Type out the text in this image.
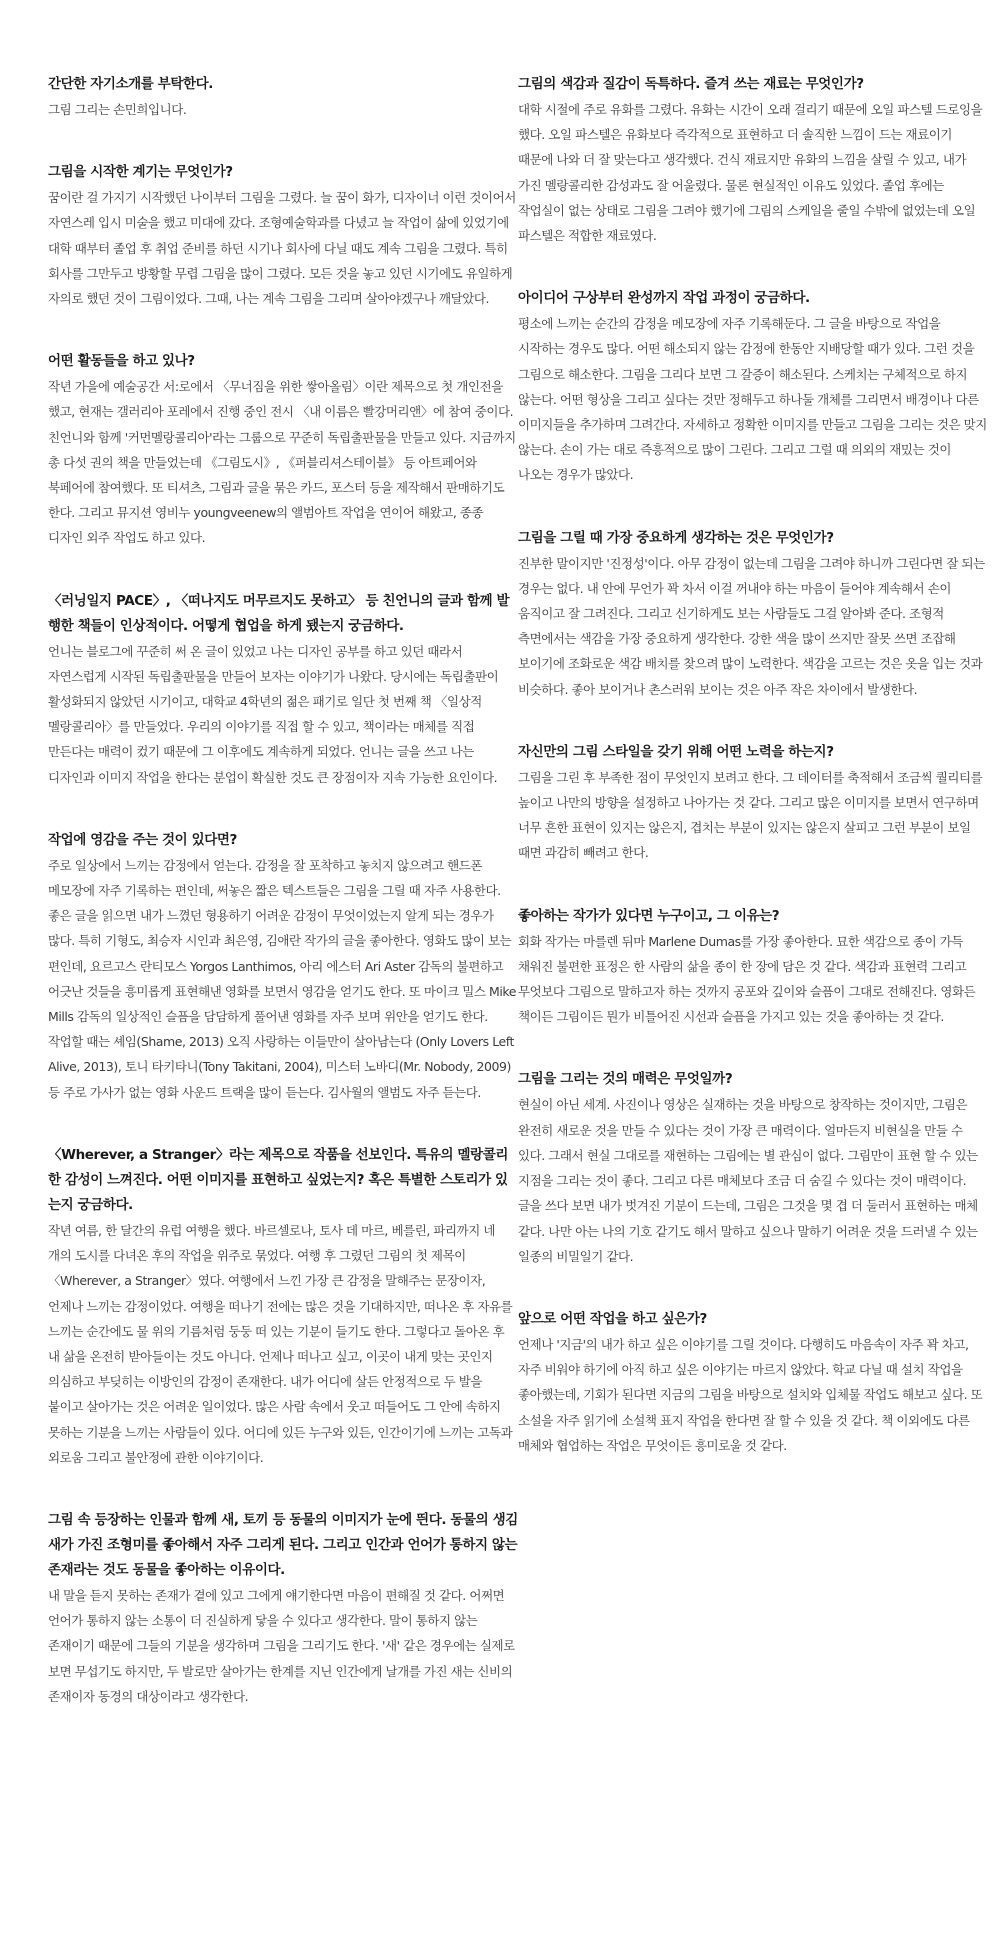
간단한 자기소개를 부탁한다.

그림 그리는 손민희입니다.

그림을 시작한 계기는 무엇인가?

꿈이란 걸 가지기 시작했던 나이부터 그림을 그렸다. 늘 꿈이 화가, 디자이너 이런 것이어서 자연스레 입시 미술을 했고 미대에 갔다. 조형예술학과를 다녔고 늘 작업이 삶에 있었기에 대학 때부터 졸업 후 취업 준비를 하던 시기나 회사에 다닐 때도 계속 그림을 그렸다. 특히 회사를 그만두고 방황할 무렵 그림을 많이 그렸다. 모든 것을 놓고 있던 시기에도 유일하게 자의로 했던 것이 그림이었다. 그때, 나는 계속 그림을 그리며 살아야겠구나 깨달았다.

어떤 활동들을 하고 있나?

작년 가을에 예술공간 서:로에서 〈무너짐을 위한 쌓아올림〉이란 제목으로 첫 개인전을 했고, 현재는 갤러리아 포레에서 진행 중인 전시 〈내 이름은 빨강머리앤〉에 참여 중이다. 친언니와 함께 '커먼멜랑콜리아'라는 그룹으로 꾸준히 독립출판물을 만들고 있다. 지금까지 총 다섯 권의 책을 만들었는데 《그림도시》, 《퍼블리셔스테이블》 등 아트페어와 북페어에 참여했다. 또 티셔츠, 그림과 글을 묶은 카드, 포스터 등을 제작해서 판매하기도 한다. 그리고 뮤지션 영비누 youngveenew의 앨범아트 작업을 연이어 해왔고, 종종 디자인 외주 작업도 하고 있다.

〈러닝일지 PACE〉, 〈떠나지도 머무르지도 못하고〉 등 친언니의 글과 함께 발행한 책들이 인상적이다. 어떻게 협업을 하게 됐는지 궁금하다.

언니는 블로그에 꾸준히 써 온 글이 있었고 나는 디자인 공부를 하고 있던 때라서 자연스럽게 시작된 독립출판물을 만들어 보자는 이야기가 나왔다. 당시에는 독립출판이 활성화되지 않았던 시기이고, 대학교 4학년의 젊은 패기로 일단 첫 번째 책 〈일상적 멜랑콜리아〉를 만들었다. 우리의 이야기를 직접 할 수 있고, 책이라는 매체를 직접 만든다는 매력이 컸기 때문에 그 이후에도 계속하게 되었다. 언니는 글을 쓰고 나는 디자인과 이미지 작업을 한다는 분업이 확실한 것도 큰 장점이자 지속 가능한 요인이다.

작업에 영감을 주는 것이 있다면?

주로 일상에서 느끼는 감정에서 얻는다. 감정을 잘 포착하고 놓치지 않으려고 핸드폰 메모장에 자주 기록하는 편인데, 써놓은 짧은 텍스트들은 그림을 그릴 때 자주 사용한다. 좋은 글을 읽으면 내가 느꼈던 형용하기 어려운 감정이 무엇이었는지 알게 되는 경우가 많다. 특히 기형도, 최승자 시인과 최은영, 김애란 작가의 글을 좋아한다. 영화도 많이 보는 편인데, 요르고스 란티모스 Yorgos Lanthimos, 아리 에스터 Ari Aster 감독의 불편하고 어긋난 것들을 흥미롭게 표현해낸 영화를 보면서 영감을 얻기도 한다. 또 마이크 밀스 Mike Mills 감독의 일상적인 슬픔을 담담하게 풀어낸 영화를 자주 보며 위안을 얻기도 한다. 작업할 때는 셰임(Shame, 2013) 오직 사랑하는 이들만이 살아남는다 (Only Lovers Left Alive, 2013), 토니 타키타니(Tony Takitani, 2004), 미스터 노바디(Mr. Nobody, 2009) 등 주로 가사가 없는 영화 사운드 트랙을 많이 듣는다. 김사월의 앨범도 자주 듣는다.

〈Wherever, a Stranger〉라는 제목으로 작품을 선보인다. 특유의 멜랑콜리한 감성이 느껴진다. 어떤 이미지를 표현하고 싶었는지? 혹은 특별한 스토리가 있는지 궁금하다.

작년 여름, 한 달간의 유럽 여행을 했다. 바르셀로나, 토사 데 마르, 베를린, 파리까지 네 개의 도시를 다녀온 후의 작업을 위주로 묶었다. 여행 후 그렸던 그림의 첫 제목이 〈Wherever, a Stranger〉였다. 여행에서 느낀 가장 큰 감정을 말해주는 문장이자, 언제나 느끼는 감정이었다. 여행을 떠나기 전에는 많은 것을 기대하지만, 떠나온 후 자유를 느끼는 순간에도 물 위의 기름처럼 둥둥 떠 있는 기분이 들기도 한다. 그렇다고 돌아온 후 내 삶을 온전히 받아들이는 것도 아니다. 언제나 떠나고 싶고, 이곳이 내게 맞는 곳인지 의심하고 부딪히는 이방인의 감정이 존재한다. 내가 어디에 살든 안정적으로 두 발을 붙이고 살아가는 것은 어려운 일이었다. 많은 사람 속에서 웃고 떠들어도 그 안에 속하지 못하는 기분을 느끼는 사람들이 있다. 어디에 있든 누구와 있든, 인간이기에 느끼는 고독과 외로움 그리고 불안정에 관한 이야기이다.

그림 속 등장하는 인물과 함께 새, 토끼 등 동물의 이미지가 눈에 띈다. 동물의 생김새가 가진 조형미를 좋아해서 자주 그리게 된다. 그리고 인간과 언어가 통하지 않는 존재라는 것도 동물을 좋아하는 이유이다.

내 말을 듣지 못하는 존재가 곁에 있고 그에게 얘기한다면 마음이 편해질 것 같다. 어쩌면 언어가 통하지 않는 소통이 더 진실하게 닿을 수 있다고 생각한다. 말이 통하지 않는 존재이기 때문에 그들의 기분을 생각하며 그림을 그리기도 한다. '새' 같은 경우에는 실제로 보면 무섭기도 하지만, 두 발로만 살아가는 한계를 지닌 인간에게 날개를 가진 새는 신비의 존재이자 동경의 대상이라고 생각한다.

그림의 색감과 질감이 독특하다. 즐겨 쓰는 재료는 무엇인가?

대학 시절에 주로 유화를 그렸다. 유화는 시간이 오래 걸리기 때문에 오일 파스텔 드로잉을 했다. 오일 파스텔은 유화보다 즉각적으로 표현하고 더 솔직한 느낌이 드는 재료이기 때문에 나와 더 잘 맞는다고 생각했다. 건식 재료지만 유화의 느낌을 살릴 수 있고, 내가 가진 멜랑콜리한 감성과도 잘 어울렸다. 물론 현실적인 이유도 있었다. 졸업 후에는 작업실이 없는 상태로 그림을 그려야 했기에 그림의 스케일을 줄일 수밖에 없었는데 오일 파스텔은 적합한 재료였다.

아이디어 구상부터 완성까지 작업 과정이 궁금하다.

평소에 느끼는 순간의 감정을 메모장에 자주 기록해둔다. 그 글을 바탕으로 작업을 시작하는 경우도 많다. 어떤 해소되지 않는 감정에 한동안 지배당할 때가 있다. 그런 것을 그림으로 해소한다. 그림을 그리다 보면 그 갈증이 해소된다. 스케치는 구체적으로 하지 않는다. 어떤 형상을 그리고 싶다는 것만 정해두고 하나둘 개체를 그리면서 배경이나 다른 이미지들을 추가하며 그려간다. 자세하고 정확한 이미지를 만들고 그림을 그리는 것은 맞지 않는다. 손이 가는 대로 즉흥적으로 많이 그린다. 그리고 그럴 때 의외의 재밌는 것이 나오는 경우가 많았다.

그림을 그릴 때 가장 중요하게 생각하는 것은 무엇인가?

진부한 말이지만 '진정성'이다. 아무 감정이 없는데 그림을 그려야 하니까 그린다면 잘 되는 경우는 없다. 내 안에 무언가 꽉 차서 이걸 꺼내야 하는 마음이 들어야 계속해서 손이 움직이고 잘 그려진다. 그리고 신기하게도 보는 사람들도 그걸 알아봐 준다. 조형적 측면에서는 색감을 가장 중요하게 생각한다. 강한 색을 많이 쓰지만 잘못 쓰면 조잡해 보이기에 조화로운 색감 배치를 찾으려 많이 노력한다. 색감을 고르는 것은 옷을 입는 것과 비슷하다. 좋아 보이거나 촌스러워 보이는 것은 아주 작은 차이에서 발생한다.

자신만의 그림 스타일을 갖기 위해 어떤 노력을 하는지?

그림을 그린 후 부족한 점이 무엇인지 보려고 한다. 그 데이터를 축적해서 조금씩 퀄리티를 높이고 나만의 방향을 설정하고 나아가는 것 같다. 그리고 많은 이미지를 보면서 연구하며 너무 흔한 표현이 있지는 않은지, 겹치는 부분이 있지는 않은지 살피고 그런 부분이 보일 때면 과감히 빼려고 한다.

좋아하는 작가가 있다면 누구이고, 그 이유는?

회화 작가는 마를렌 뒤마 Marlene Dumas를 가장 좋아한다. 묘한 색감으로 종이 가득 채워진 불편한 표정은 한 사람의 삶을 종이 한 장에 담은 것 같다. 색감과 표현력 그리고 무엇보다 그림으로 말하고자 하는 것까지 공포와 깊이와 슬픔이 그대로 전해진다. 영화든 책이든 그림이든 뭔가 비틀어진 시선과 슬픔을 가지고 있는 것을 좋아하는 것 같다.

그림을 그리는 것의 매력은 무엇일까?

현실이 아닌 세계. 사진이나 영상은 실재하는 것을 바탕으로 창작하는 것이지만, 그림은 완전히 새로운 것을 만들 수 있다는 것이 가장 큰 매력이다. 얼마든지 비현실을 만들 수 있다. 그래서 현실 그대로를 재현하는 그림에는 별 관심이 없다. 그림만이 표현 할 수 있는 지점을 그리는 것이 좋다. 그리고 다른 매체보다 조금 더 숨길 수 있다는 것이 매력이다. 글을 쓰다 보면 내가 벗겨진 기분이 드는데, 그림은 그것을 몇 겹 더 둘러서 표현하는 매체 같다. 나만 아는 나의 기호 같기도 해서 말하고 싶으나 말하기 어려운 것을 드러낼 수 있는 일종의 비밀일기 같다.

앞으로 어떤 작업을 하고 싶은가?

언제나 '지금'의 내가 하고 싶은 이야기를 그릴 것이다. 다행히도 마음속이 자주 꽉 차고, 자주 비워야 하기에 아직 하고 싶은 이야기는 마르지 않았다. 학교 다닐 때 설치 작업을 좋아했는데, 기회가 된다면 지금의 그림을 바탕으로 설치와 입체물 작업도 해보고 싶다. 또 소설을 자주 읽기에 소설책 표지 작업을 한다면 잘 할 수 있을 것 같다. 책 이외에도 다른 매체와 협업하는 작업은 무엇이든 흥미로울 것 같다.
